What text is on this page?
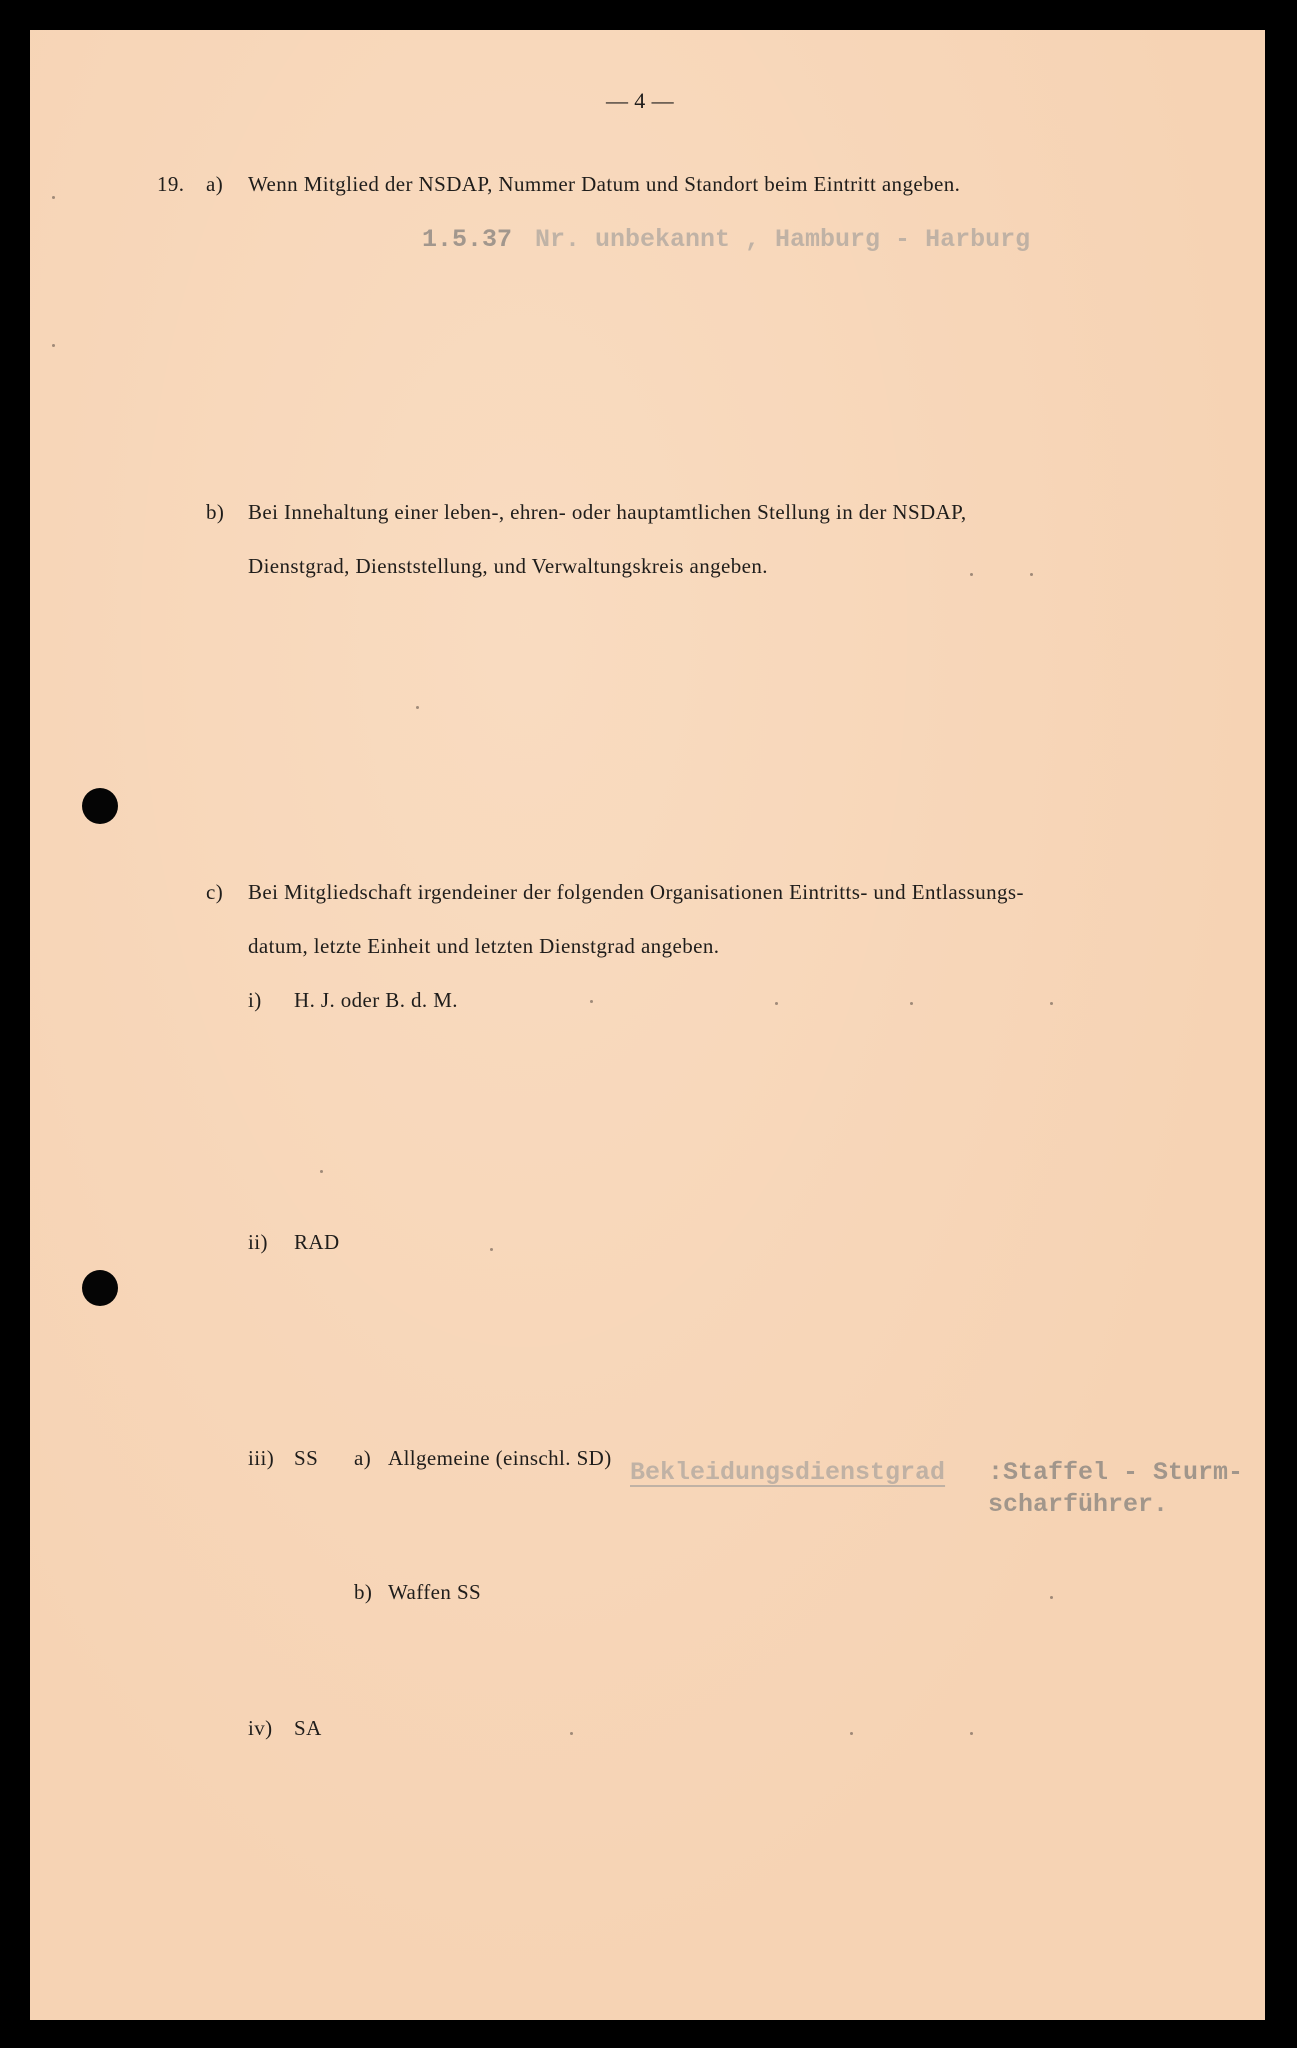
— 4 —
19. a) Wenn Mitglied der NSDAP, Nummer Datum und Standort beim Eintritt angeben.
1.5.37 Nr. unbekannt , Hamburg - Harburg
b) Bei Innehaltung einer leben-, ehren- oder hauptamtlichen Stellung in der NSDAP,
Dienstgrad, Dienststellung, und Verwaltungskreis angeben.
c) Bei Mitgliedschaft irgendeiner der folgenden Organisationen Eintritts- und Entlassungs-
datum, letzte Einheit und letzten Dienstgrad angeben.
i) H. J. oder B. d. M.
ii) RAD
iii) SS a) Allgemeine (einschl. SD) Bekleidungsdienstgrad :Staffel - Sturm-
scharführer.
b) Waffen SS
iv) SA
